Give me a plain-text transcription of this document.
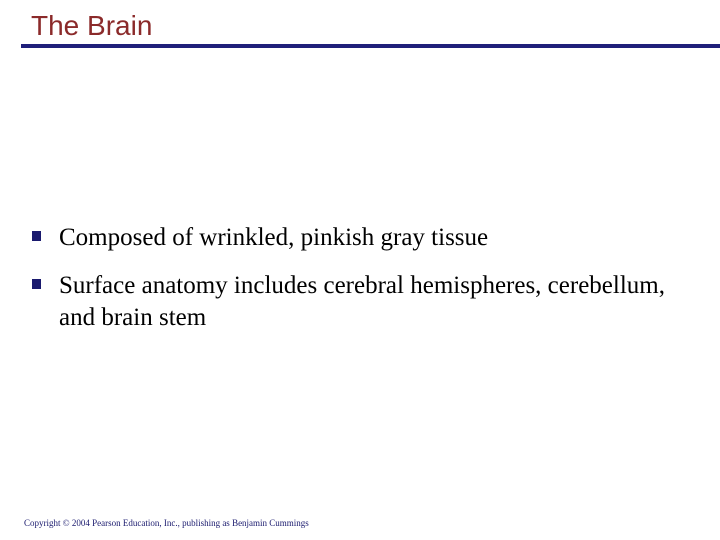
The Brain
Composed of wrinkled, pinkish gray tissue
Surface anatomy includes cerebral hemispheres, cerebellum, and brain stem
Copyright © 2004 Pearson Education, Inc., publishing as Benjamin Cummings
